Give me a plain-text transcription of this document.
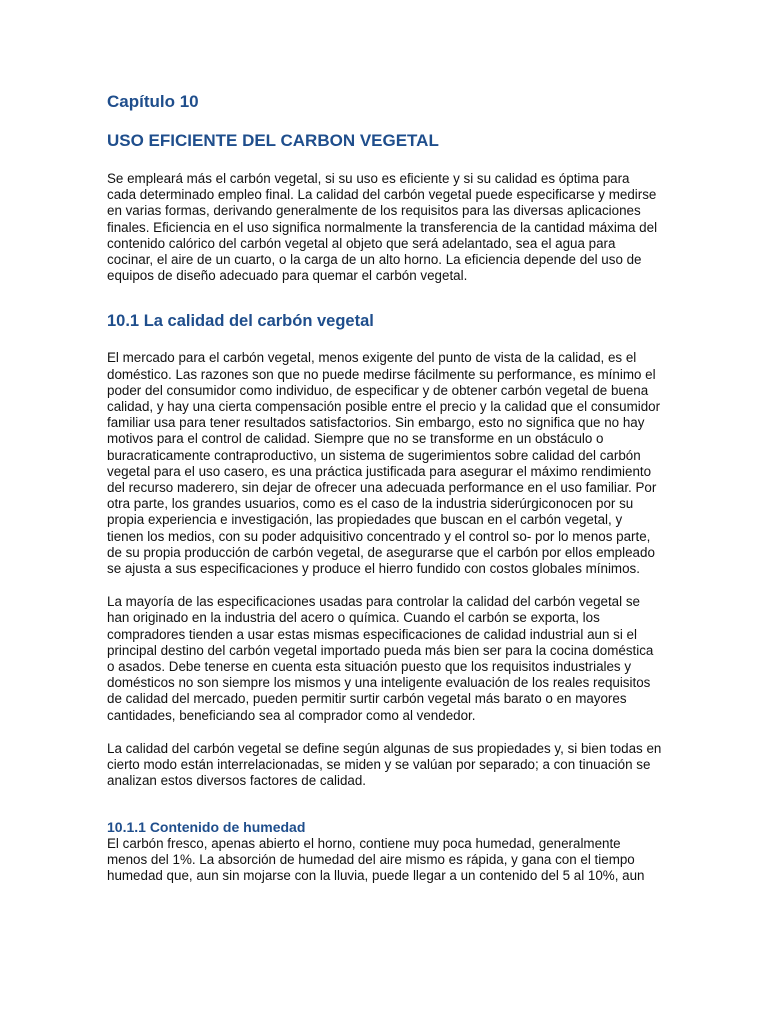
Capítulo 10
USO EFICIENTE DEL CARBON VEGETAL

Se empleará más el carbón vegetal, si su uso es eficiente y si su calidad es óptima para cada determinado empleo final. La calidad del carbón vegetal puede especificarse y medirse en varias formas, derivando generalmente de los requisitos para las diversas aplicaciones finales. Eficiencia en el uso significa normalmente la transferencia de la cantidad máxima del contenido calórico del carbón vegetal al objeto que será adelantado, sea el agua para cocinar, el aire de un cuarto, o la carga de un alto horno. La eficiencia depende del uso de equipos de diseño adecuado para quemar el carbón vegetal.

10.1 La calidad del carbón vegetal

El mercado para el carbón vegetal, menos exigente del punto de vista de la calidad, es el doméstico. Las razones son que no puede medirse fácilmente su performance, es mínimo el poder del consumidor como individuo, de especificar y de obtener carbón vegetal de buena calidad, y hay una cierta compensación posible entre el precio y la calidad que el consumidor familiar usa para tener resultados satisfactorios. Sin embargo, esto no significa que no hay motivos para el control de calidad. Siempre que no se transforme en un obstáculo o buracraticamente contraproductivo, un sistema de sugerimientos sobre calidad del carbón vegetal para el uso casero, es una práctica justificada para asegurar el máximo rendimiento del recurso maderero, sin dejar de ofrecer una adecuada performance en el uso familiar. Por otra parte, los grandes usuarios, como es el caso de la industria siderúrgiconocen por su propia experiencia e investigación, las propiedades que buscan en el carbón vegetal, y tienen los medios, con su poder adquisitivo concentrado y el control so- por lo menos parte, de su propia producción de carbón vegetal, de asegurarse que el carbón por ellos empleado se ajusta a sus especificaciones y produce el hierro fundido con costos globales mínimos.

La mayoría de las especificaciones usadas para controlar la calidad del carbón vegetal se han originado en la industria del acero o química. Cuando el carbón se exporta, los compradores tienden a usar estas mismas especificaciones de calidad industrial aun si el principal destino del carbón vegetal importado pueda más bien ser para la cocina doméstica o asados. Debe tenerse en cuenta esta situación puesto que los requisitos industriales y domésticos no son siempre los mismos y una inteligente evaluación de los reales requisitos de calidad del mercado, pueden permitir surtir carbón vegetal más barato o en mayores cantidades, beneficiando sea al comprador como al vendedor.

La calidad del carbón vegetal se define según algunas de sus propiedades y, si bien todas en cierto modo están interrelacionadas, se miden y se valúan por separado; a con tinuación se analizan estos diversos factores de calidad.

10.1.1 Contenido de humedad

El carbón fresco, apenas abierto el horno, contiene muy poca humedad, generalmente menos del 1%. La absorción de humedad del aire mismo es rápida, y gana con el tiempo humedad que, aun sin mojarse con la lluvia, puede llegar a un contenido del 5 al 10%, aun
